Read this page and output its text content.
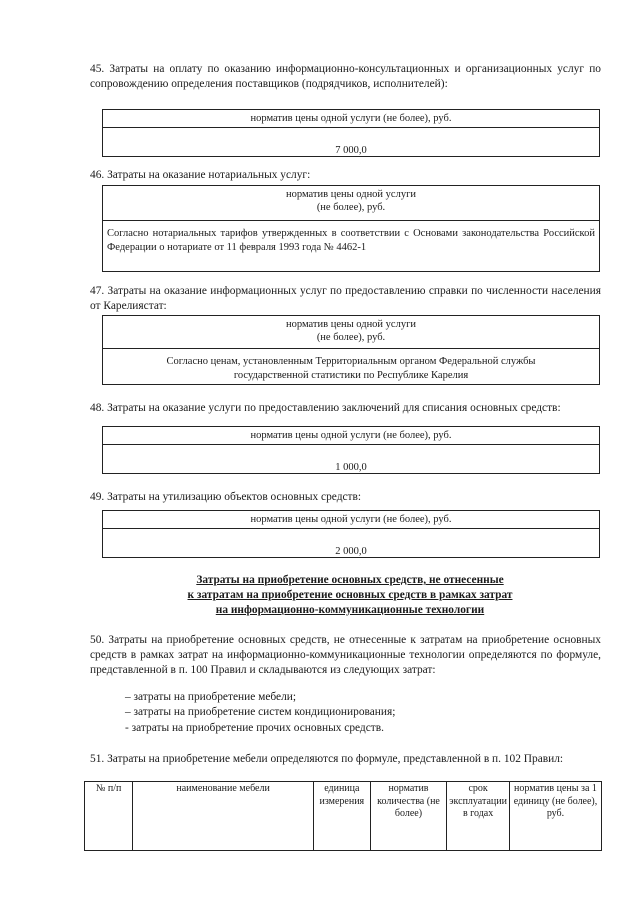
45. Затраты на оплату по оказанию информационно-консультационных и организационных услуг по сопровождению определения поставщиков (подрядчиков, исполнителей):
норматив цены одной услуги (не более), руб.
7 000,0
46. Затраты на оказание нотариальных услуг:
норматив цены одной услуги
(не более), руб.
Согласно нотариальных тарифов утвержденных в соответствии с Основами законодательства Российской Федерации о нотариате от 11 февраля 1993 года № 4462-1
47. Затраты на оказание информационных услуг по предоставлению справки по численности населения от Карелиястат:
норматив цены одной услуги
(не более), руб.
Согласно ценам, установленным Территориальным органом Федеральной службы государственной статистики по Республике Карелия
48. Затраты на оказание услуги по предоставлению заключений для списания основных средств:
норматив цены одной услуги (не более), руб.
1 000,0
49. Затраты на утилизацию объектов основных средств:
норматив цены одной услуги (не более), руб.
2 000,0
Затраты на приобретение основных средств, не отнесенные
к затратам на приобретение основных средств в рамках затрат
на информационно-коммуникационные технологии
50. Затраты на приобретение основных средств, не отнесенные к затратам на приобретение основных средств в рамках затрат на информационно-коммуникационные технологии определяются по формуле, представленной в п. 100 Правил и складываются из следующих затрат:
– затраты на приобретение мебели;
– затраты на приобретение систем кондиционирования;
- затраты на приобретение прочих основных средств.
51. Затраты на приобретение мебели определяются по формуле, представленной в п. 102 Правил:
№ п/п	наименование мебели	единица измерения	норматив количества (не более)	срок эксплуатации в годах	норматив цены за 1 единицу (не более), руб.
